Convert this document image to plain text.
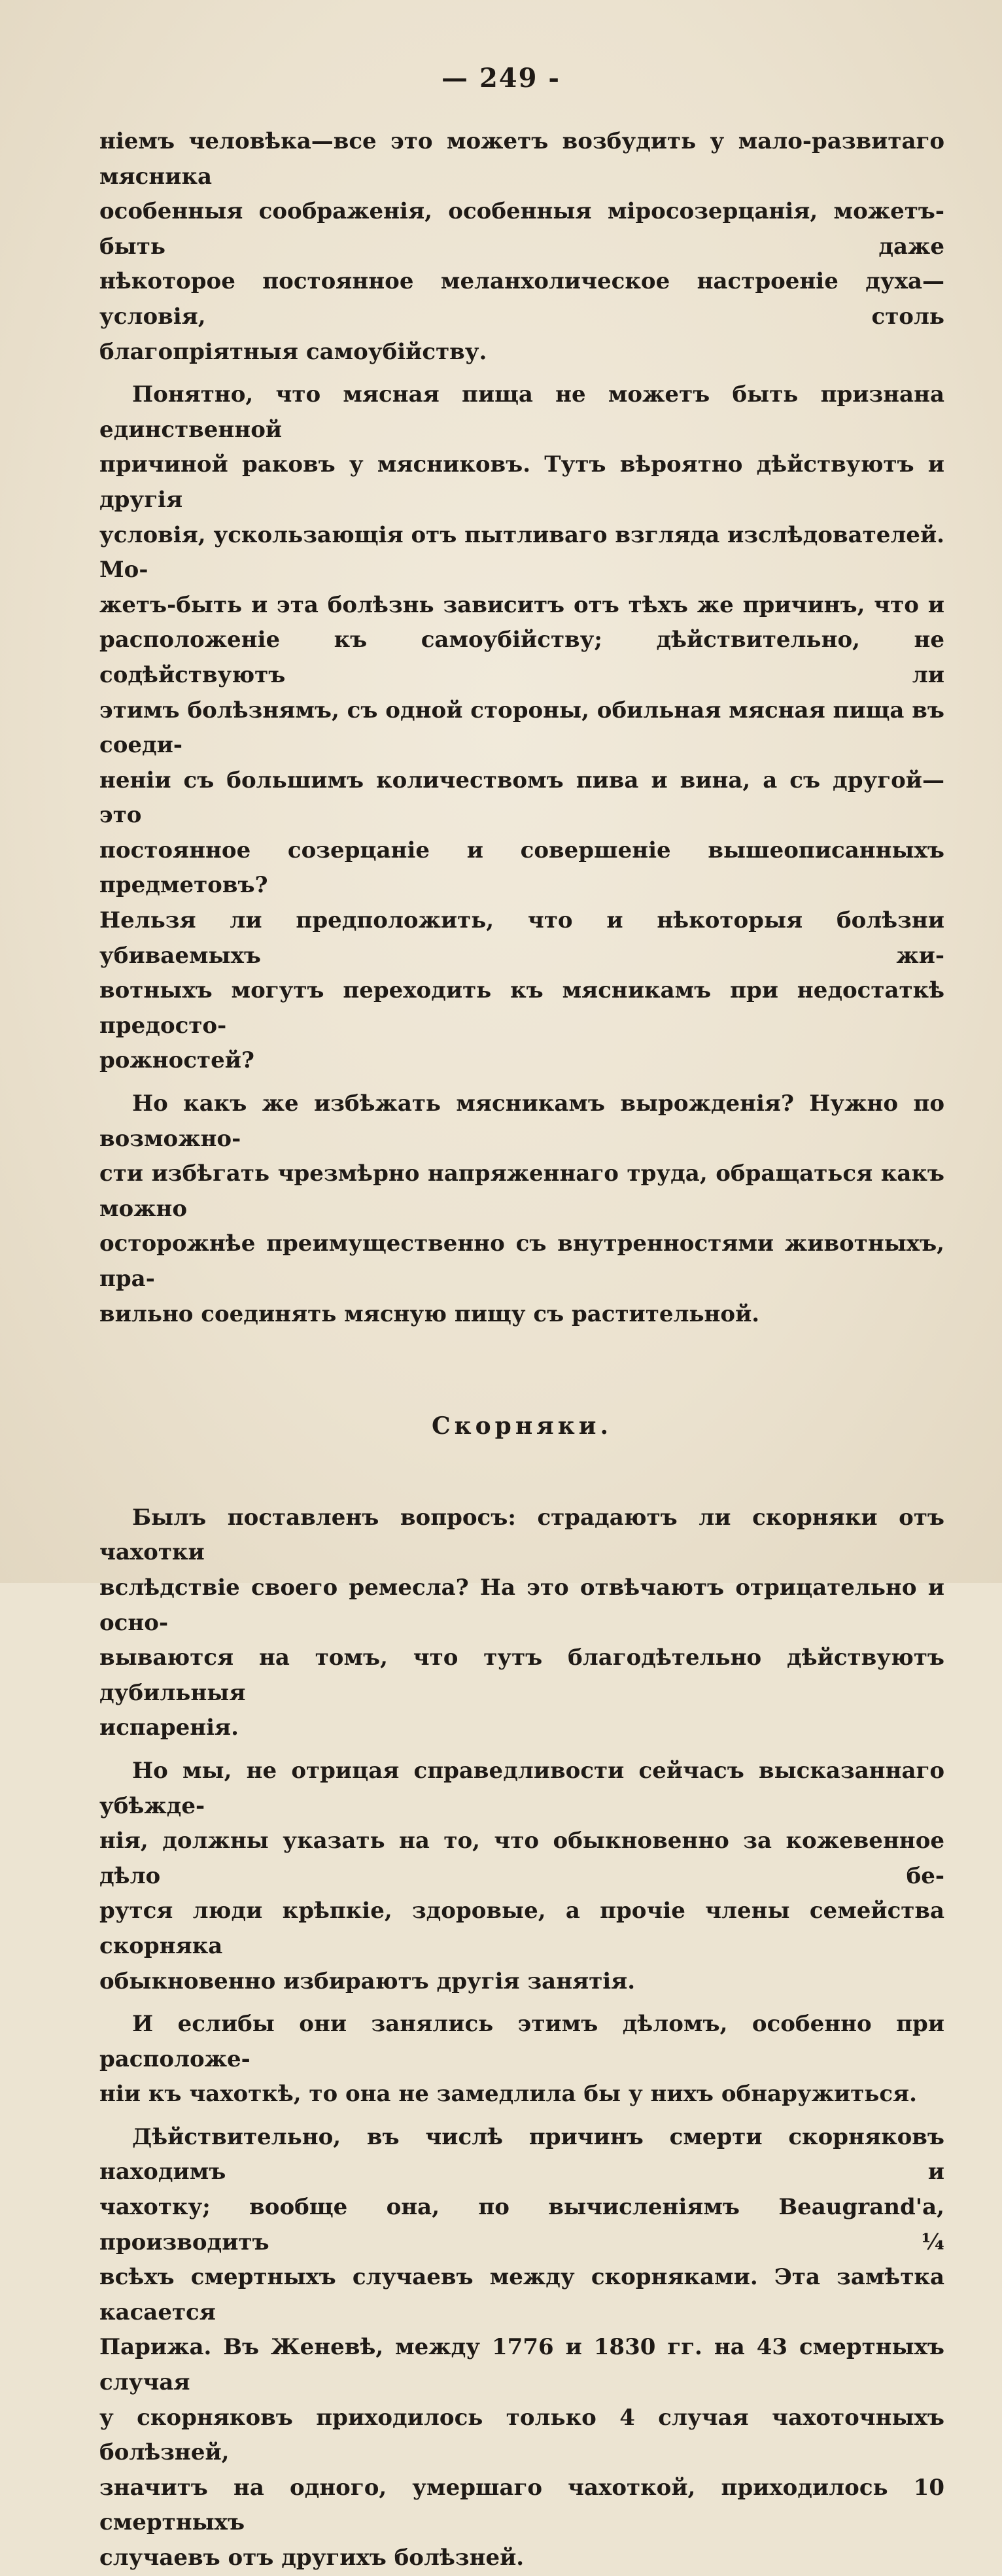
— 249 -

ніемъ человѣка—все это можетъ возбудить у мало-развитаго мясника
особенныя соображенія, особенныя міросозерцанія, можетъ-быть даже
нѣкоторое постоянное меланхолическое настроеніе духа—условія, столь
благопріятныя самоубійству.

Понятно, что мясная пища не можетъ быть признана единственной
причиной раковъ у мясниковъ. Тутъ вѣроятно дѣйствуютъ и другія
условія, ускользающія отъ пытливаго взгляда изслѣдователей. Мо-
жетъ-быть и эта болѣзнь зависитъ отъ тѣхъ же причинъ, что и
расположеніе къ самоубійству; дѣйствительно, не содѣйствуютъ ли
этимъ болѣзнямъ, съ одной стороны, обильная мясная пища въ соеди-
неніи съ большимъ количествомъ пива и вина, а съ другой—это
постоянное созерцаніе и совершеніе вышеописанныхъ предметовъ?
Нельзя ли предположить, что и нѣкоторыя болѣзни убиваемыхъ жи-
вотныхъ могутъ переходить къ мясникамъ при недостаткѣ предосто-
рожностей?

Но какъ же избѣжать мясникамъ вырожденія? Нужно по возможно-
сти избѣгать чрезмѣрно напряженнаго труда, обращаться какъ можно
осторожнѣе преимущественно съ внутренностями животныхъ, пра-
вильно соединять мясную пищу съ растительной.

Скорняки.

Былъ поставленъ вопросъ: страдаютъ ли скорняки отъ чахотки
вслѣдствіе своего ремесла? На это отвѣчаютъ отрицательно и осно-
вываются на томъ, что тутъ благодѣтельно дѣйствуютъ дубильныя
испаренія.

Но мы, не отрицая справедливости сейчасъ высказаннаго убѣжде-
нія, должны указать на то, что обыкновенно за кожевенное дѣло бе-
рутся люди крѣпкіе, здоровые, а прочіе члены семейства скорняка
обыкновенно избираютъ другія занятія.

И еслибы они занялись этимъ дѣломъ, особенно при расположе-
ніи къ чахоткѣ, то она не замедлила бы у нихъ обнаружиться.

Дѣйствительно, въ числѣ причинъ смерти скорняковъ находимъ и
чахотку; вообще она, по вычисленіямъ Beaugrand'а, производитъ ¼
всѣхъ смертныхъ случаевъ между скорняками. Эта замѣтка касается
Парижа. Въ Женевѣ, между 1776 и 1830 гг. на 43 смертныхъ случая
у скорняковъ приходилось только 4 случая чахоточныхъ болѣзней,
значитъ на одного, умершаго чахоткой, приходилось 10 смертныхъ
случаевъ отъ другихъ болѣзней.
